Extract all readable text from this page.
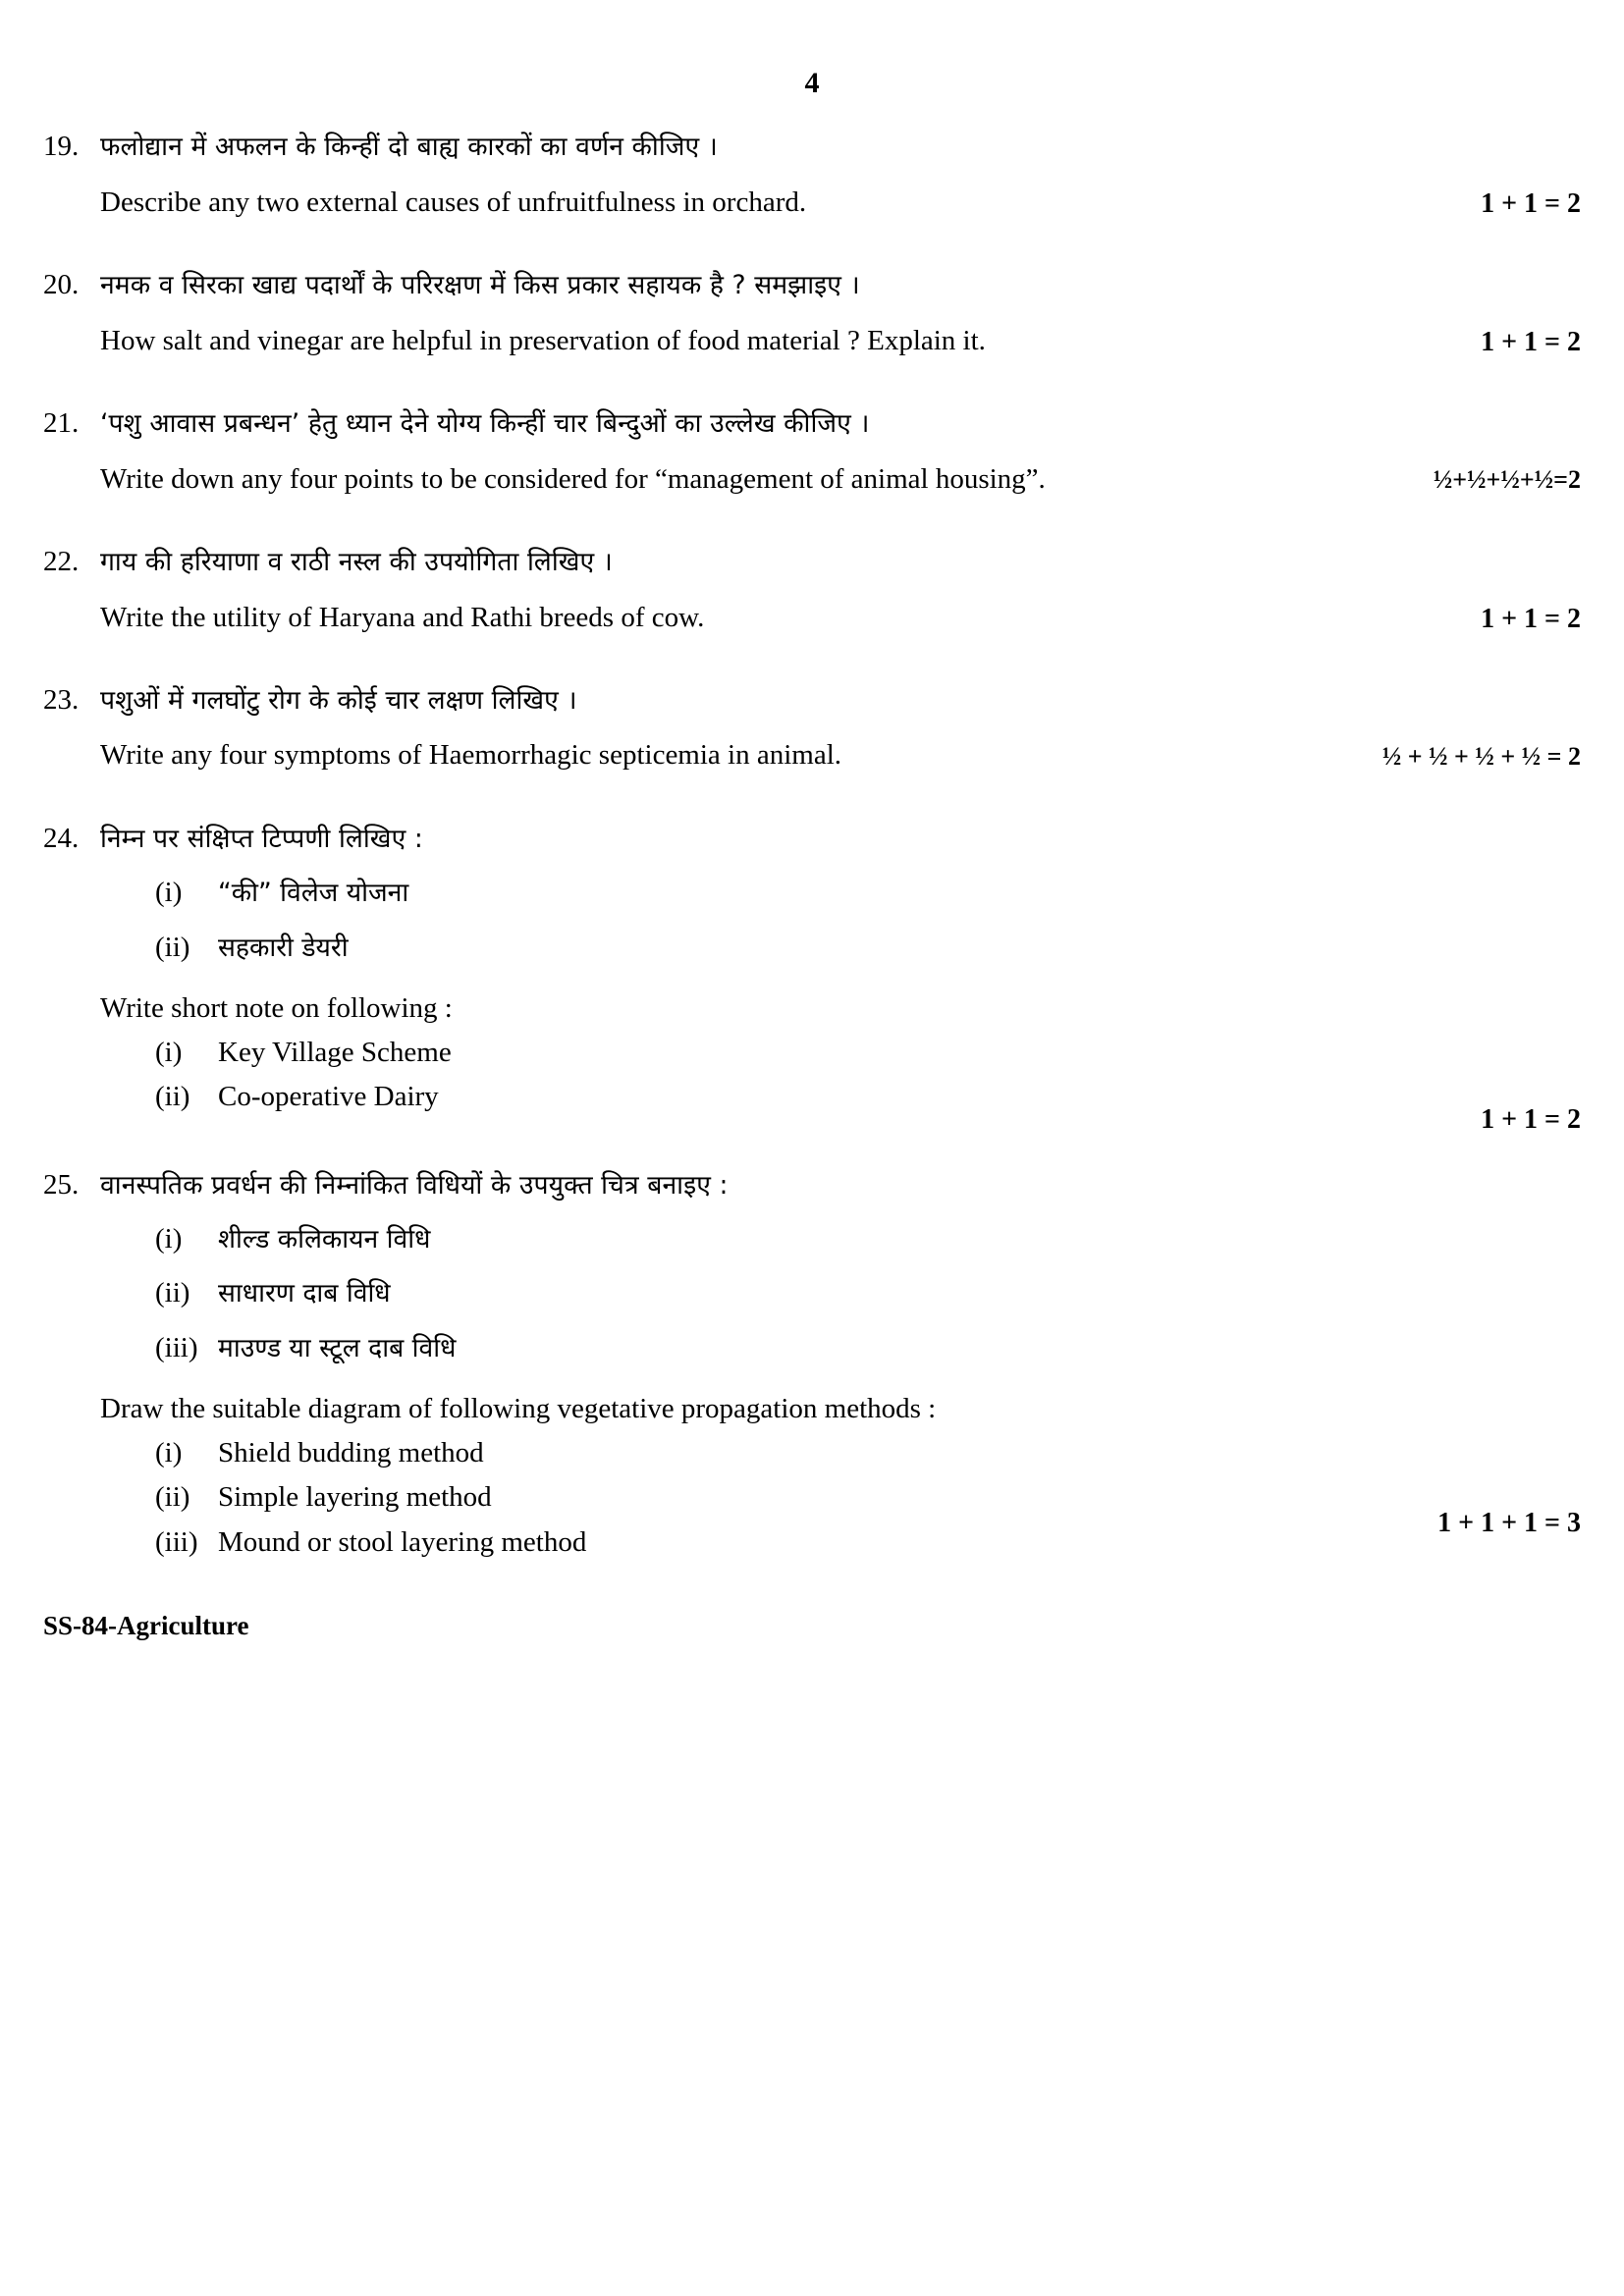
4
19. फलोद्यान में अफलन के किन्हीं दो बाह्य कारकों का वर्णन कीजिए ।

Describe any two external causes of unfruitfulness in orchard.	1 + 1 = 2
20. नमक व सिरका खाद्य पदार्थों के परिरक्षण में किस प्रकार सहायक है ? समझाइए ।

How salt and vinegar are helpful in preservation of food material ? Explain it.	1 + 1 = 2
21. ‘पशु आवास प्रबन्धन’ हेतु ध्यान देने योग्य किन्हीं चार बिन्दुओं का उल्लेख कीजिए ।

Write down any four points to be considered for “management of animal housing”.	½+½+½+½=2
22. गाय की हरियाणा व राठी नस्ल की उपयोगिता लिखिए ।

Write the utility of Haryana and Rathi breeds of cow.	1 + 1 = 2
23. पशुओं में गलघोंटु रोग के कोई चार लक्षण लिखिए ।

Write any four symptoms of Haemorrhagic septicemia in animal.	½ + ½ + ½ + ½ = 2
24. निम्न पर संक्षिप्त टिप्पणी लिखिए :

(i)	“की” विलेज योजना
(ii)	सहकारी डेयरी

Write short note on following :

(i)	Key Village Scheme
(ii) Co-operative Dairy
1 + 1 = 2
25. वानस्पतिक प्रवर्धन की निम्नांकित विधियों के उपयुक्त चित्र बनाइए :

(i)	शील्ड कलिकायन विधि
(ii)	साधारण दाब विधि
(iii) माउण्ड या स्टूल दाब विधि

Draw the suitable diagram of following vegetative propagation methods :

(i)	Shield budding method
(ii) Simple layering method
(iii) Mound or stool layering method
1 + 1 + 1 = 3
SS-84-Agriculture
